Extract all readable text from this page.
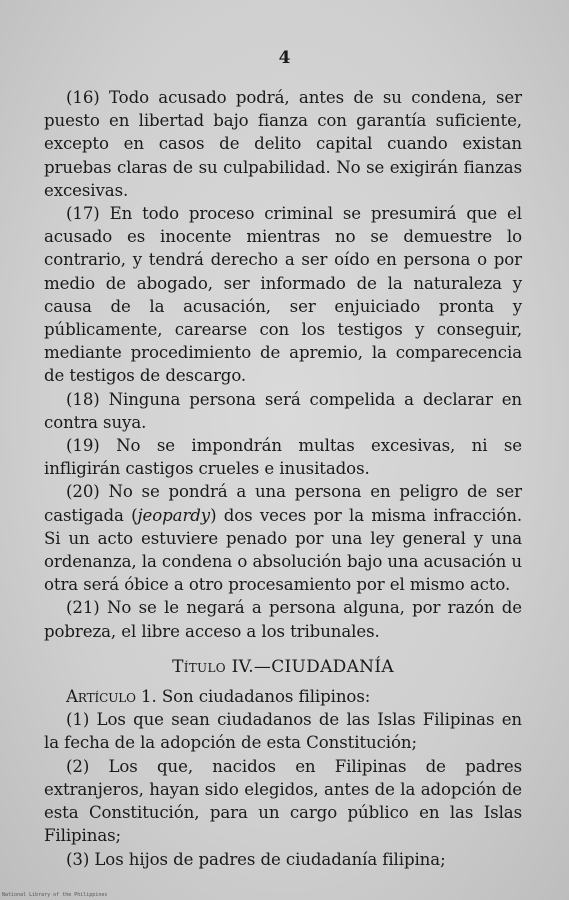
4

(16) Todo acusado podrá, antes de su condena, ser puesto en libertad bajo fianza con garantía suficiente, excepto en casos de delito capital cuando existan pruebas claras de su culpabilidad. No se exigirán fianzas excesivas.

(17) En todo proceso criminal se presumirá que el acusado es inocente mientras no se demuestre lo contrario, y tendrá derecho a ser oído en persona o por medio de abogado, ser informado de la naturaleza y causa de la acusación, ser enjuiciado pronta y públicamente, carearse con los testigos y conseguir, mediante procedimiento de apremio, la comparecencia de testigos de descargo.

(18) Ninguna persona será compelida a declarar en contra suya.

(19) No se impondrán multas excesivas, ni se infligirán castigos crueles e inusitados.

(20) No se pondrá a una persona en peligro de ser castigada (jeopardy) dos veces por la misma infracción. Si un acto estuviere penado por una ley general y una ordenanza, la condena o absolución bajo una acusación u otra será óbice a otro procesamiento por el mismo acto.

(21) No se le negará a persona alguna, por razón de pobreza, el libre acceso a los tribunales.

Título IV.—CIUDADANÍA

Artículo 1. Son ciudadanos filipinos:

(1) Los que sean ciudadanos de las Islas Filipinas en la fecha de la adopción de esta Constitución;

(2) Los que, nacidos en Filipinas de padres extranjeros, hayan sido elegidos, antes de la adopción de esta Constitución, para un cargo público en las Islas Filipinas;

(3) Los hijos de padres de ciudadanía filipina;

National Library of the Philippines
